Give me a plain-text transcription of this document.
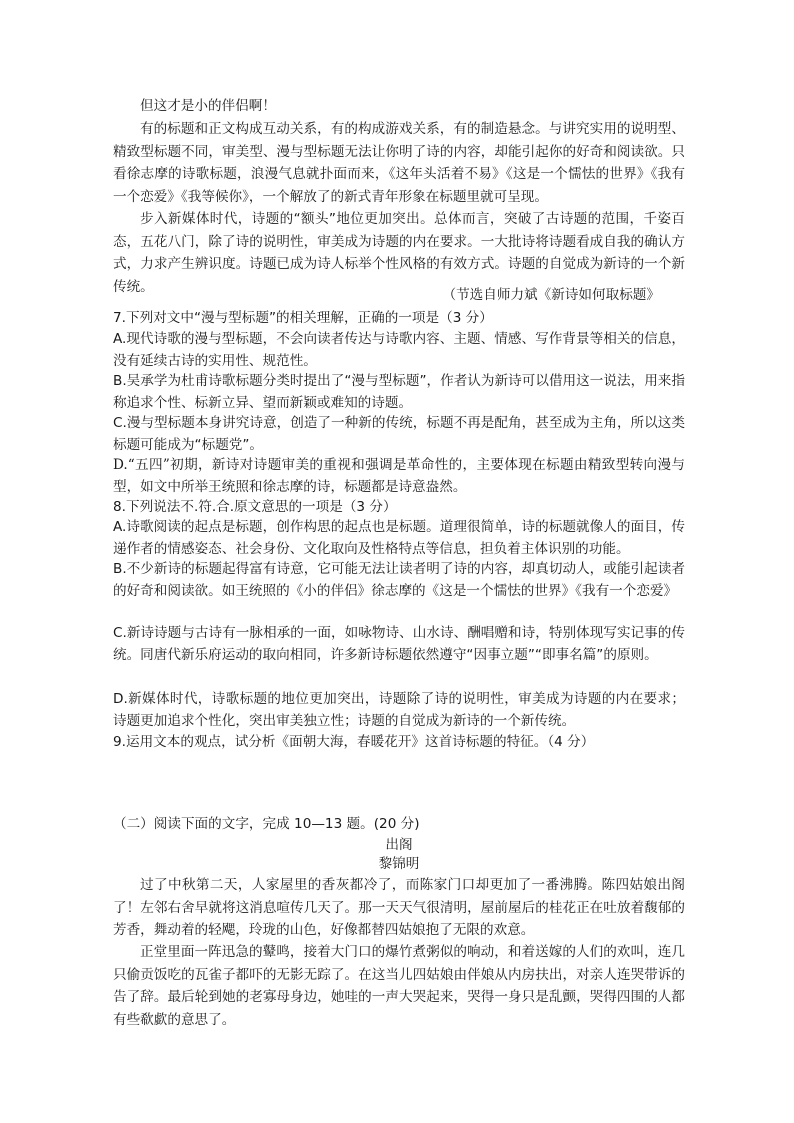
但这才是小的伴侣啊！

有的标题和正文构成互动关系，有的构成游戏关系，有的制造悬念。与讲究实用的说明型、精致型标题不同，审美型、漫与型标题无法让你明了诗的内容，却能引起你的好奇和阅读欲。只看徐志摩的诗歌标题，浪漫气息就扑面而来，《这年头活着不易》《这是一个懦怯的世界》《我有一个恋爱》《我等候你》，一个解放了的新式青年形象在标题里就可呈现。

步入新媒体时代，诗题的“额头”地位更加突出。总体而言，突破了古诗题的范围，千姿百态，五花八门，除了诗的说明性，审美成为诗题的内在要求。一大批诗将诗题看成自我的确认方式，力求产生辨识度。诗题已成为诗人标举个性风格的有效方式。诗题的自觉成为新诗的一个新传统。

（节选自师力斌《新诗如何取标题》

7.下列对文中“漫与型标题”的相关理解，正确的一项是（3 分）

A.现代诗歌的漫与型标题，不会向读者传达与诗歌内容、主题、情感、写作背景等相关的信息，没有延续古诗的实用性、规范性。

B.吴承学为杜甫诗歌标题分类时提出了“漫与型标题”，作者认为新诗可以借用这一说法，用来指称追求个性、标新立异、望而新颖或难知的诗题。

C.漫与型标题本身讲究诗意，创造了一种新的传统，标题不再是配角，甚至成为主角，所以这类标题可能成为“标题党”。

D.“五四”初期，新诗对诗题审美的重视和强调是革命性的，主要体现在标题由精致型转向漫与型，如文中所举王统照和徐志摩的诗，标题都是诗意盎然。

8.下列说法不.符.合.原文意思的一项是（3 分）

A.诗歌阅读的起点是标题，创作构思的起点也是标题。道理很简单，诗的标题就像人的面目，传递作者的情感姿态、社会身份、文化取向及性格特点等信息，担负着主体识别的功能。

B.不少新诗的标题起得富有诗意，它可能无法让读者明了诗的内容，却真切动人，或能引起读者的好奇和阅读欲。如王统照的《小的伴侣》徐志摩的《这是一个懦怯的世界》《我有一个恋爱》

C.新诗诗题与古诗有一脉相承的一面，如咏物诗、山水诗、酬唱赠和诗，特别体现写实记事的传统。同唐代新乐府运动的取向相同，许多新诗标题依然遵守“因事立题”“即事名篇”的原则。

D.新媒体时代，诗歌标题的地位更加突出，诗题除了诗的说明性，审美成为诗题的内在要求；诗题更加追求个性化，突出审美独立性；诗题的自觉成为新诗的一个新传统。

9.运用文本的观点，试分析《面朝大海，春暖花开》这首诗标题的特征。（4 分）

（二）阅读下面的文字，完成 10—13 题。(20 分)

出阁
黎锦明

过了中秋第二天，人家屋里的香灰都冷了，而陈家门口却更加了一番沸腾。陈四姑娘出阁了！左邻右舍早就将这消息喧传几天了。那一天天气很清明，屋前屋后的桂花正在吐放着馥郁的芳香，舞动着的轻飔，玲珑的山色，好像都替四姑娘抱了无限的欢意。

正堂里面一阵迅急的鼙鸣，接着大门口的爆竹煮粥似的响动，和着送嫁的人们的欢叫，连几只偷贡饭吃的瓦雀子都吓的无影无踪了。在这当儿四姑娘由伴娘从内房扶出，对亲人连哭带诉的告了辞。最后轮到她的老寡母身边，她哇的一声大哭起来，哭得一身只是乱颤，哭得四围的人都有些欷歔的意思了。
